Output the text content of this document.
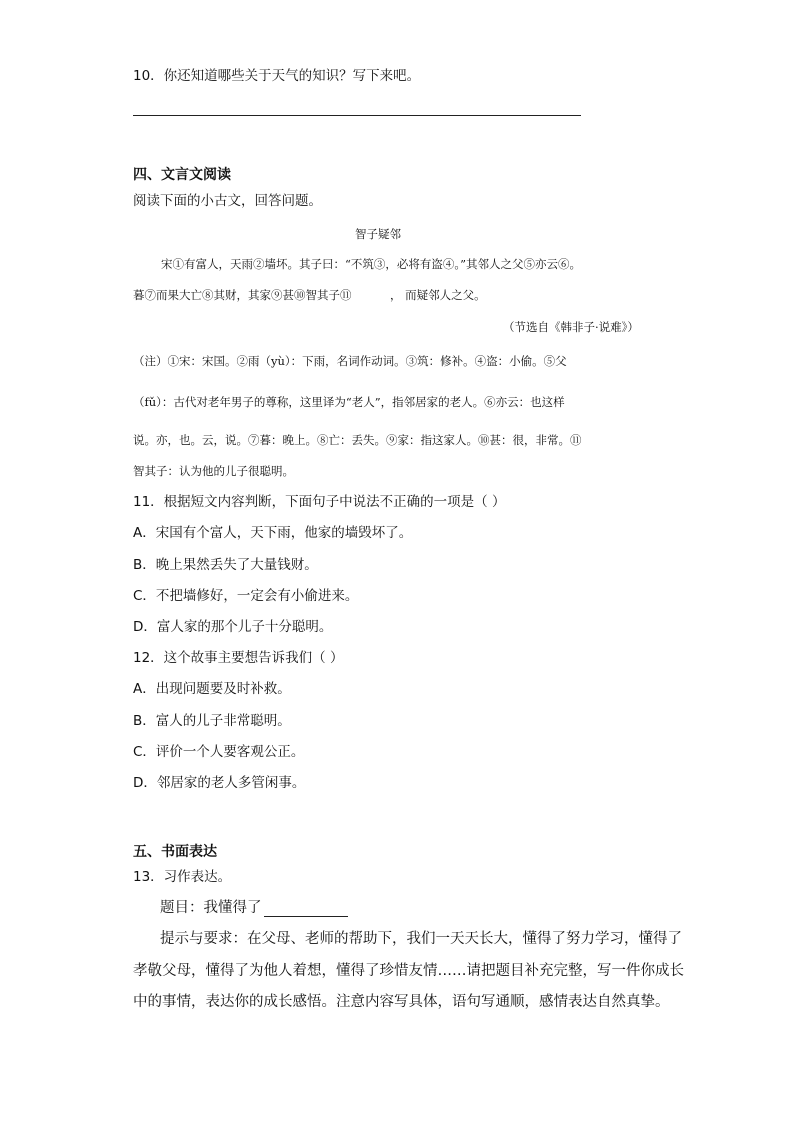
10．你还知道哪些关于天气的知识？写下来吧。
四、文言文阅读
阅读下面的小古文，回答问题。
智子疑邻
宋①有富人，天雨②墙坏。其子曰：“不筑③，必将有盗④。”其邻人之父⑤亦云⑥。
暮⑦而果大亡⑧其财，其家⑨甚⑩智其子⑪	， 而疑邻人之父。
（节选自《韩非子·说难》）
（注）①宋：宋国。②雨（yù）：下雨，名词作动词。③筑：修补。④盗：小偷。⑤父
（fǔ）：古代对老年男子的尊称，这里译为“老人”，指邻居家的老人。⑥亦云：也这样
说。亦，也。云，说。⑦暮：晚上。⑧亡：丢失。⑨家：指这家人。⑩甚：很，非常。⑪
智其子：认为他的儿子很聪明。
11．根据短文内容判断，下面句子中说法不正确的一项是（ ）
A．宋国有个富人，天下雨，他家的墙毁坏了。
B．晚上果然丢失了大量钱财。
C．不把墙修好，一定会有小偷进来。
D．富人家的那个儿子十分聪明。
12．这个故事主要想告诉我们（ ）
A．出现问题要及时补救。
B．富人的儿子非常聪明。
C．评价一个人要客观公正。
D．邻居家的老人多管闲事。
五、书面表达
13．习作表达。
题目：我懂得了
提示与要求：在父母、老师的帮助下，我们一天天长大，懂得了努力学习，懂得了
孝敬父母，懂得了为他人着想，懂得了珍惜友情……请把题目补充完整，写一件你成长
中的事情，表达你的成长感悟。注意内容写具体，语句写通顺，感情表达自然真挚。
